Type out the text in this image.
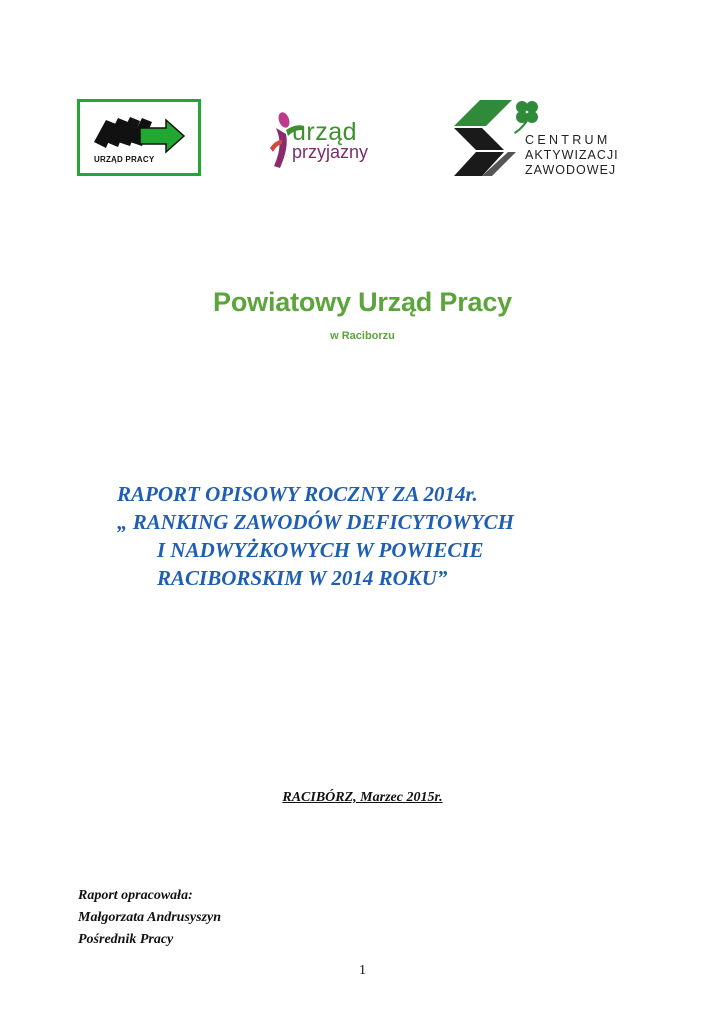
URZĄD PRACY
urząd
przyjazny
CENTRUM
AKTYWIZACJI
ZAWODOWEJ
Powiatowy Urząd Pracy
w Raciborzu
RAPORT OPISOWY ROCZNY ZA 2014r.
„ RANKING ZAWODÓW DEFICYTOWYCH
I NADWYŻKOWYCH W POWIECIE
RACIBORSKIM W 2014 ROKU”
RACIBÓRZ, Marzec 2015r.
Raport opracowała:
Małgorzata Andrusyszyn
Pośrednik Pracy
1
